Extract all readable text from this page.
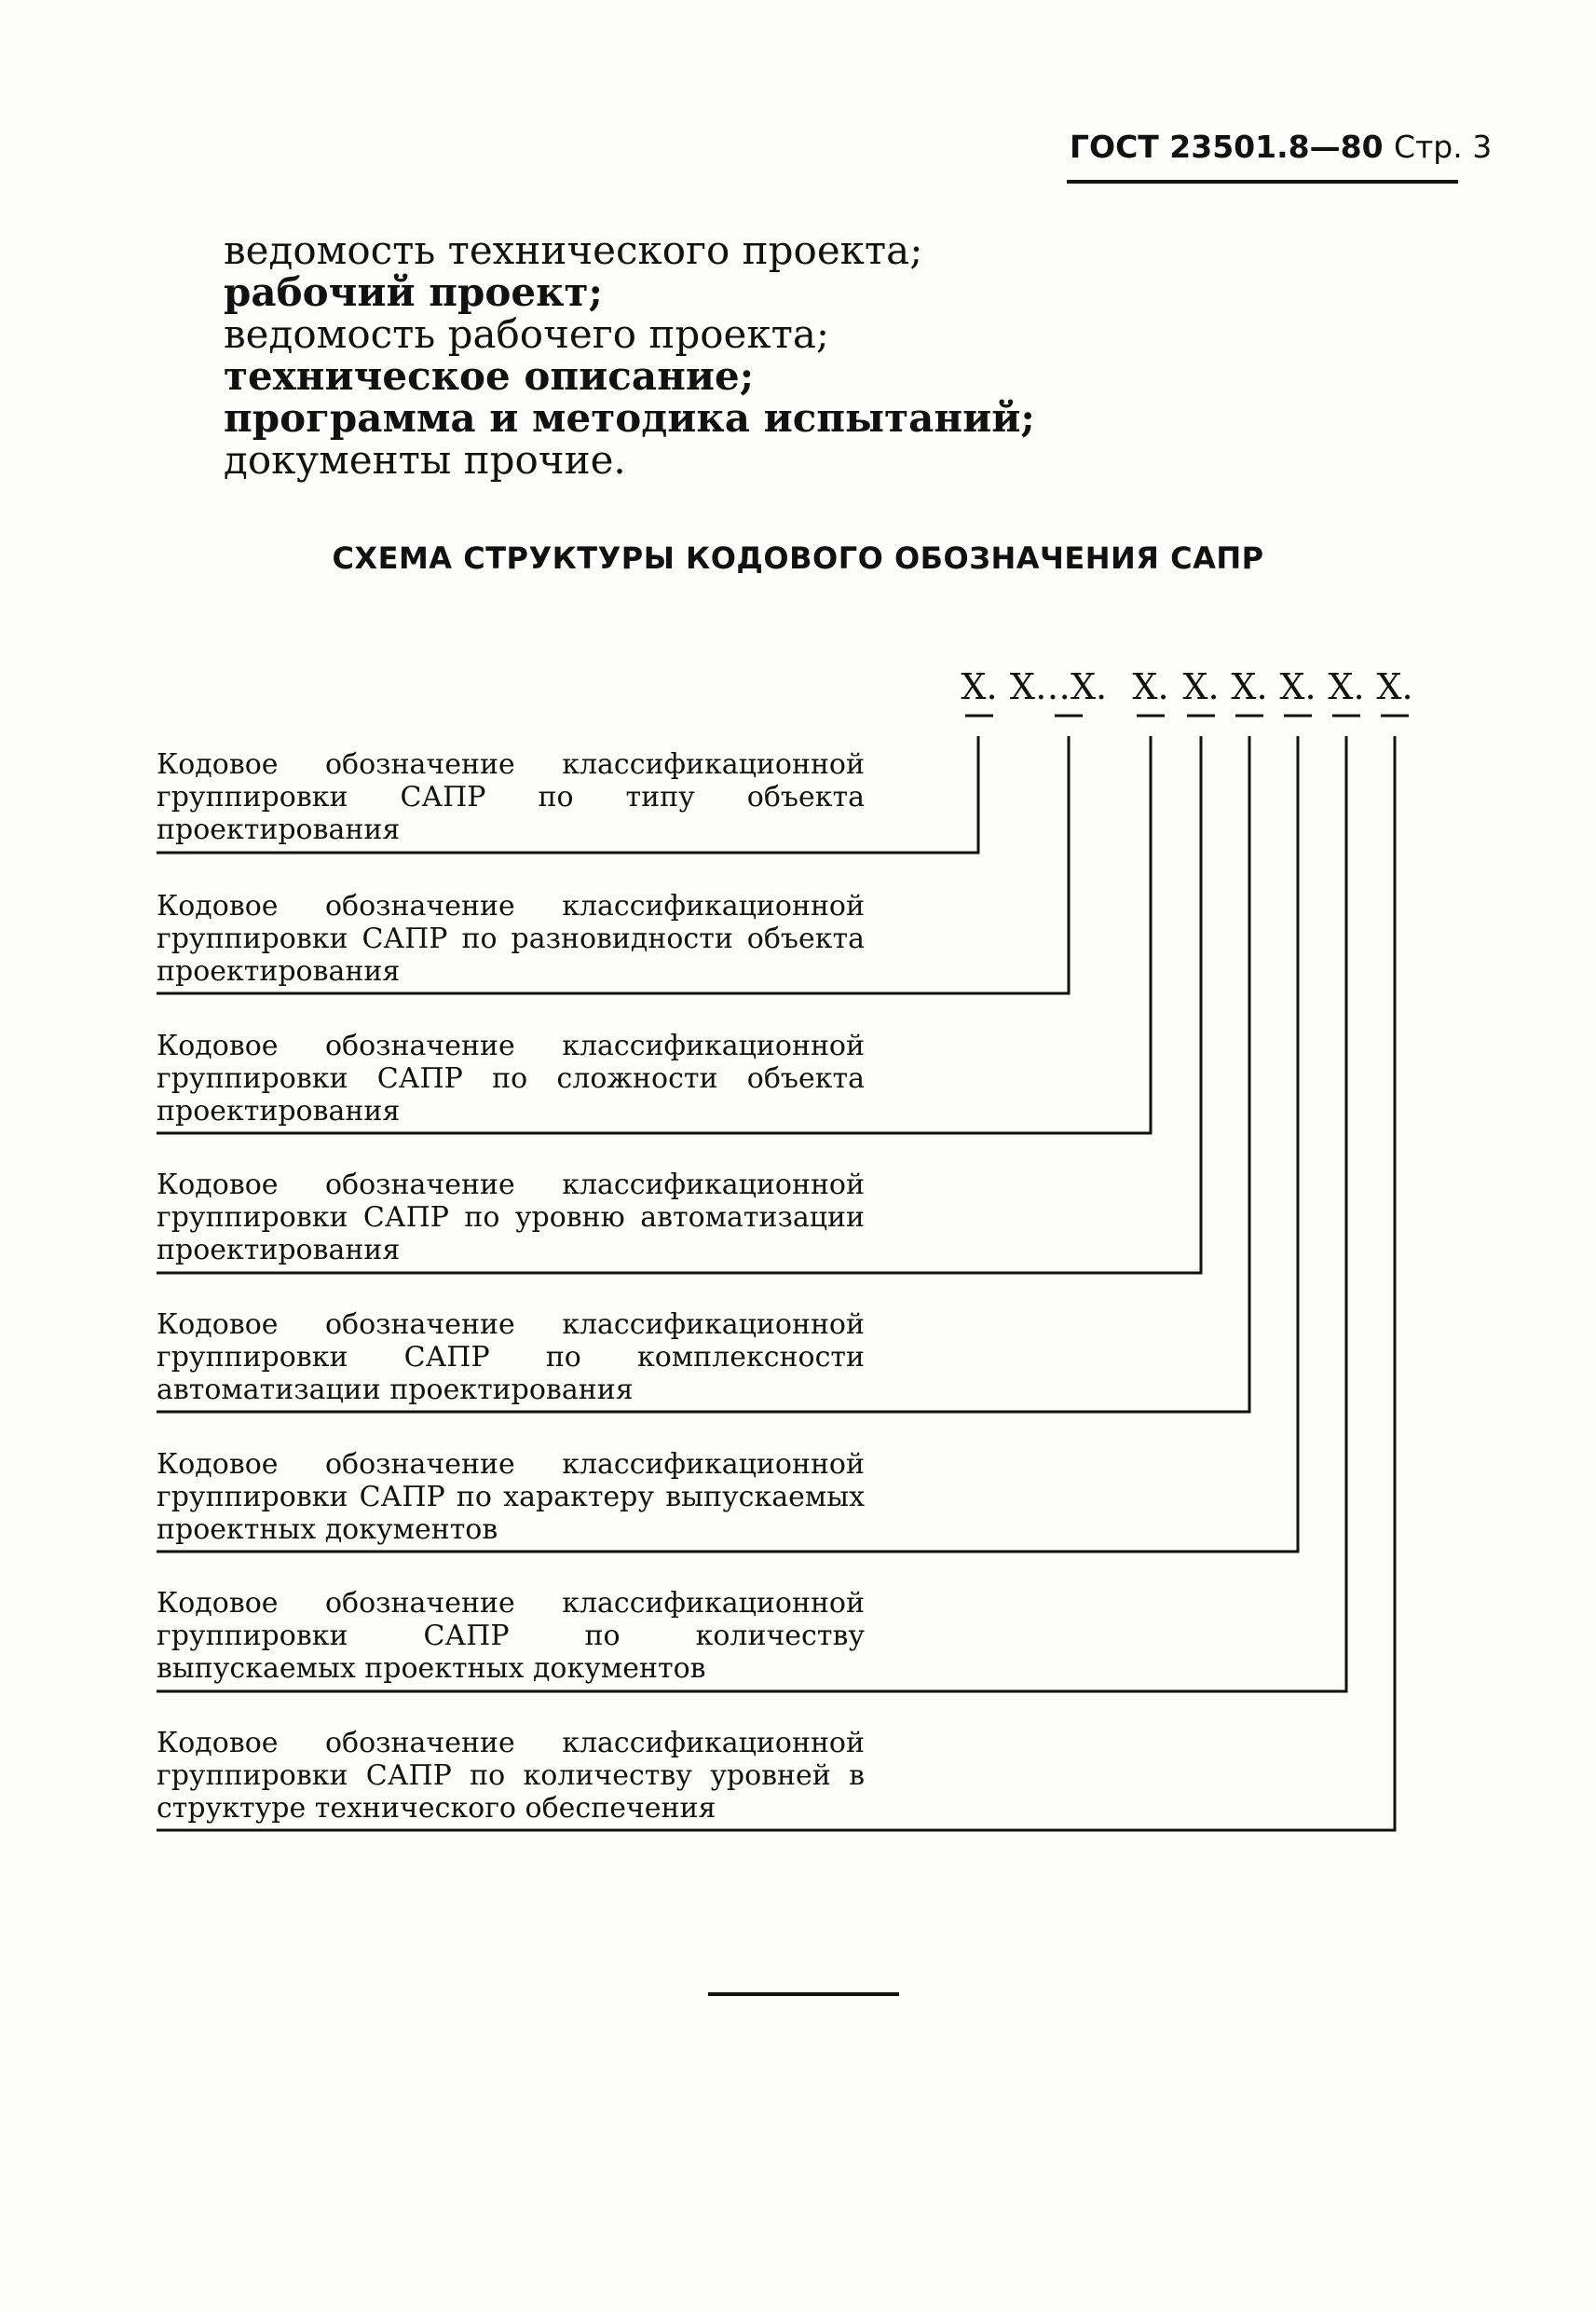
ГОСТ 23501.8—80 Стр. 3
ведомость технического проекта;
рабочий проект;
ведомость рабочего проекта;
техническое описание;
программа и методика испытаний;
документы прочие.
СХЕМА СТРУКТУРЫ КОДОВОГО ОБОЗНАЧЕНИЯ САПР
X. X…X. X. X. X. X. X. X.

Кодовое обозначение классификационной группировки САПР по типу объекта проектирования

Кодовое обозначение классификационной группировки САПР по разновидности объекта проектирования

Кодовое обозначение классификационной группировки САПР по сложности объекта проектирования

Кодовое обозначение классификационной группировки САПР по уровню автоматизации проектирования

Кодовое обозначение классификационной группировки САПР по комплексности автоматизации проектирования

Кодовое обозначение классификационной группировки САПР по характеру выпускаемых проектных документов

Кодовое обозначение классификационной группировки САПР по количеству выпускаемых проектных документов

Кодовое обозначение классификационной группировки САПР по количеству уровней в структуре технического обеспечения
